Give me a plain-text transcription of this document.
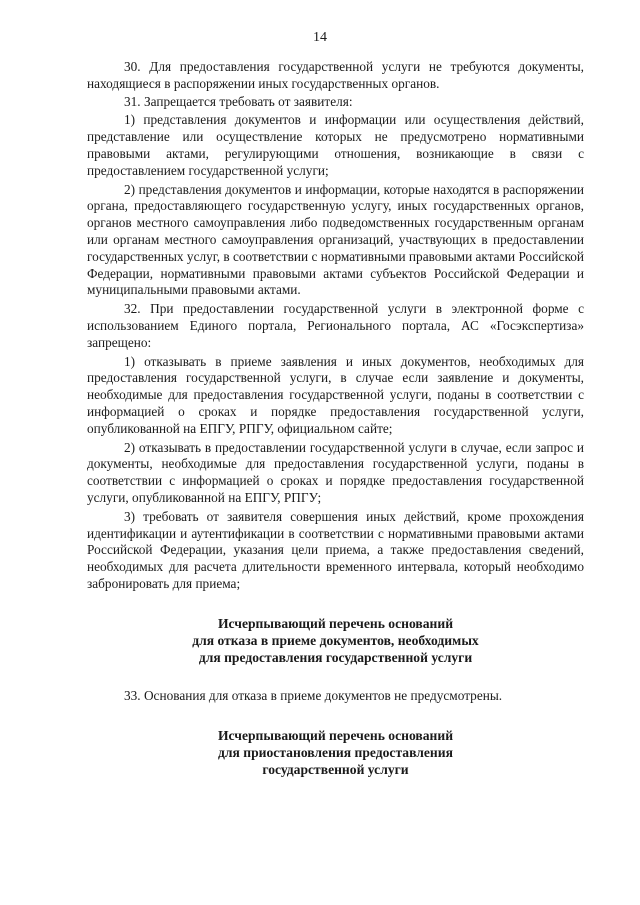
14

30. Для предоставления государственной услуги не требуются документы, находящиеся в распоряжении иных государственных органов.

31. Запрещается требовать от заявителя:

1) представления документов и информации или осуществления действий, представление или осуществление которых не предусмотрено нормативными правовыми актами, регулирующими отношения, возникающие в связи с предоставлением государственной услуги;

2) представления документов и информации, которые находятся в распоряжении органа, предоставляющего государственную услугу, иных государственных органов, органов местного самоуправления либо подведомственных государственным органам или органам местного самоуправления организаций, участвующих в предоставлении государственных услуг, в соответствии с нормативными правовыми актами Российской Федерации, нормативными правовыми актами субъектов Российской Федерации и муниципальными правовыми актами.

32. При предоставлении государственной услуги в электронной форме с использованием Единого портала, Регионального портала, АС «Госэкспертиза» запрещено:

1) отказывать в приеме заявления и иных документов, необходимых для предоставления государственной услуги, в случае если заявление и документы, необходимые для предоставления государственной услуги, поданы в соответствии с информацией о сроках и порядке предоставления государственной услуги, опубликованной на ЕПГУ, РПГУ, официальном сайте;

2) отказывать в предоставлении государственной услуги в случае, если запрос и документы, необходимые для предоставления государственной услуги, поданы в соответствии с информацией о сроках и порядке предоставления государственной услуги, опубликованной на ЕПГУ, РПГУ;

3) требовать от заявителя совершения иных действий, кроме прохождения идентификации и аутентификации в соответствии с нормативными правовыми актами Российской Федерации, указания цели приема, а также предоставления сведений, необходимых для расчета длительности временного интервала, который необходимо забронировать для приема;

Исчерпывающий перечень оснований
для отказа в приеме документов, необходимых
для предоставления государственной услуги

33. Основания для отказа в приеме документов не предусмотрены.

Исчерпывающий перечень оснований
для приостановления предоставления
государственной услуги
